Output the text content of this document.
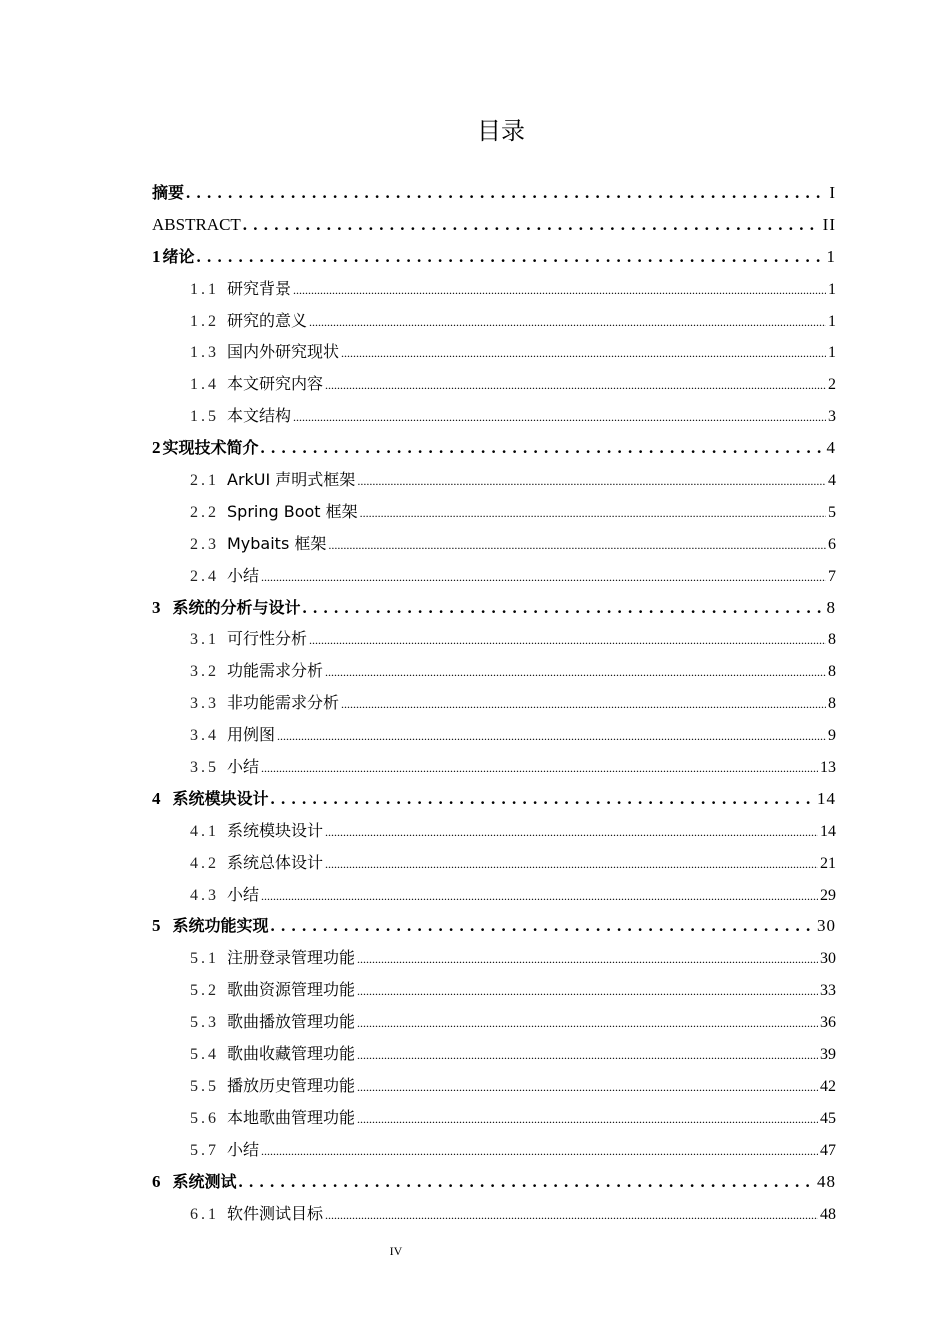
目录
摘要 . . .	I
ABSTRACT . . .	II
1 绪论 . . .	1
1.1 研究背景 .....	1
1.2 研究的意义 .....	1
1.3 国内外研究现状 .....	1
1.4 本文研究内容 .....	2
1.5 本文结构 .....	3
2 实现技术简介 . . .	4
2.1 ArkUI 声明式框架 .....	4
2.2 Spring Boot 框架 .....	5
2.3 Mybaits 框架 .....	6
2.4 小结 .....	7
3 系统的分析与设计 . . .	8
3.1 可行性分析 .....	8
3.2 功能需求分析 .....	8
3.3 非功能需求分析 .....	8
3.4 用例图 .....	9
3.5 小结 .....	13
4 系统模块设计 . . .	14
4.1 系统模块设计 .....	14
4.2 系统总体设计 .....	21
4.3 小结 .....	29
5 系统功能实现 . . .	30
5.1 注册登录管理功能 .....	30
5.2 歌曲资源管理功能 .....	33
5.3 歌曲播放管理功能 .....	36
5.4 歌曲收藏管理功能 .....	39
5.5 播放历史管理功能 .....	42
5.6 本地歌曲管理功能 .....	45
5.7 小结 .....	47
6 系统测试 . . .	48
6.1 软件测试目标 .....	48
IV
